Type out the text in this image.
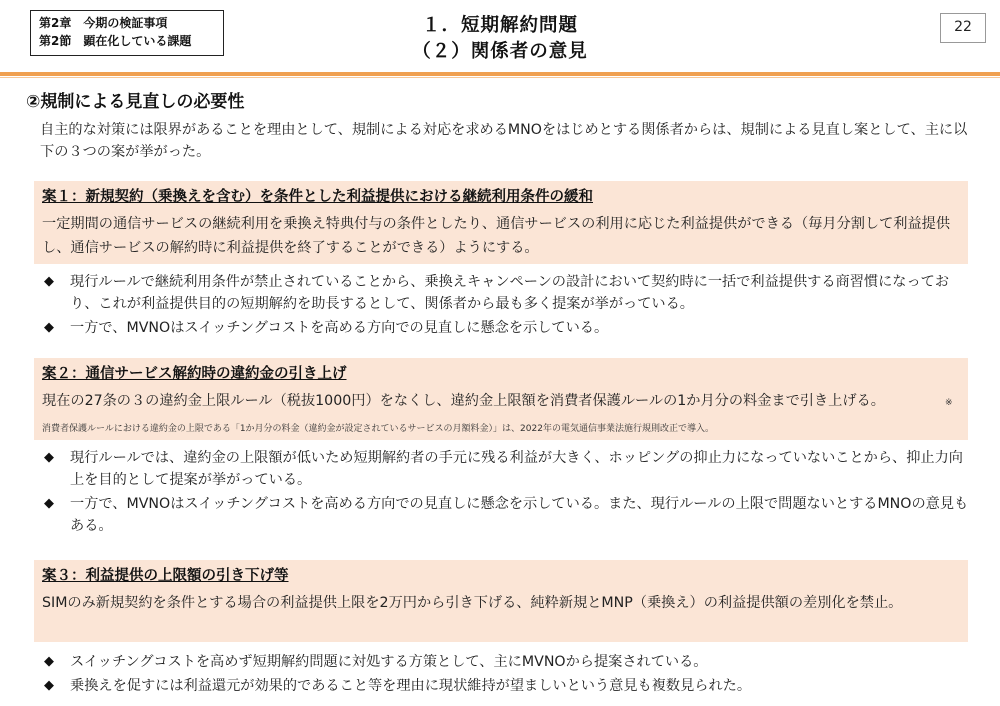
第2章　今期の検証事項
第2節　顕在化している課題
１．短期解約問題
（２）関係者の意見
22
②規制による見直しの必要性
自主的な対策には限界があることを理由として、規制による対応を求めるMNOをはじめとする関係者からは、規制による見直し案として、主に以下の３つの案が挙がった。
案１：新規契約（乗換えを含む）を条件とした利益提供における継続利用条件の緩和
一定期間の通信サービスの継続利用を乗換え特典付与の条件としたり、通信サービスの利用に応じた利益提供ができる（毎月分割して利益提供し、通信サービスの解約時に利益提供を終了することができる）ようにする。
◆	現行ルールで継続利用条件が禁止されていることから、乗換えキャンペーンの設計において契約時に一括で利益提供する商習慣になっており、これが利益提供目的の短期解約を助長するとして、関係者から最も多く提案が挙がっている。
◆	一方で、MVNOはスイッチングコストを高める方向での見直しに懸念を示している。
案２：通信サービス解約時の違約金の引き上げ
現在の27条の３の違約金上限ルール（税抜1000円）をなくし、違約金上限額を消費者保護ルールの1か月分の料金まで引き上げる。	※ 消費者保護ルールにおける違約金の上限である「1か月分の料金（違約金が設定されているサービスの月額料金）」は、2022年の電気通信事業法施行規則改正で導入。
◆	現行ルールでは、違約金の上限額が低いため短期解約者の手元に残る利益が大きく、ホッピングの抑止力になっていないことから、抑止力向上を目的として提案が挙がっている。
◆	一方で、MVNOはスイッチングコストを高める方向での見直しに懸念を示している。また、現行ルールの上限で問題ないとするMNOの意見もある。
案３：利益提供の上限額の引き下げ等
SIMのみ新規契約を条件とする場合の利益提供上限を2万円から引き下げる、純粋新規とMNP（乗換え）の利益提供額の差別化を禁止。
◆	スイッチングコストを高めず短期解約問題に対処する方策として、主にMVNOから提案されている。
◆	乗換えを促すには利益還元が効果的であること等を理由に現状維持が望ましいという意見も複数見られた。
